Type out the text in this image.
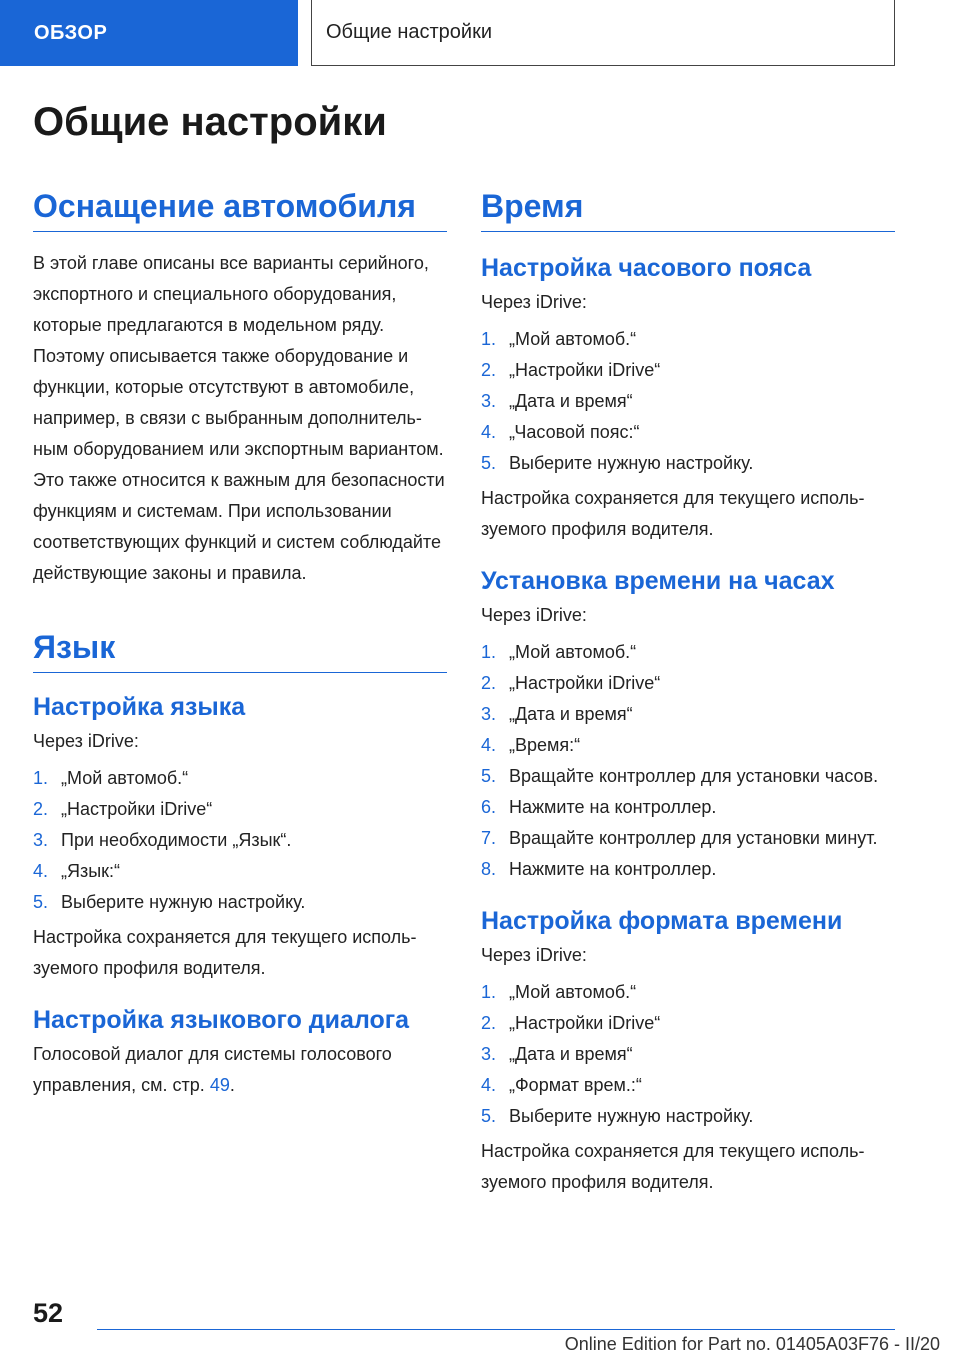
ОБЗОР	Общие настройки
Общие настройки
Оснащение автомобиля

В этой главе описаны все варианты серийного, экспортного и специального оборудования, которые предлагаются в модельном ряду. Поэтому описывается также оборудование и функции, которые отсутствуют в автомобиле, например, в связи с выбранным дополнительным оборудованием или экспортным вариантом. Это также относится к важным для безопасности функциям и системам. При использовании соответствующих функций и систем соблюдайте действующие законы и правила.

Язык
Настройка языка

Через iDrive:

1. „Мой автомоб.“
2. „Настройки iDrive“
3. При необходимости „Язык“.
4. „Язык:“
5. Выберите нужную настройку.

Настройка сохраняется для текущего используемого профиля водителя.

Настройка языкового диалога

Голосовой диалог для системы голосового управления, см. стр. 49.

Время
Настройка часового пояса

Через iDrive:

1. „Мой автомоб.“
2. „Настройки iDrive“
3. „Дата и время“
4. „Часовой пояс:“
5. Выберите нужную настройку.

Настройка сохраняется для текущего используемого профиля водителя.

Установка времени на часах

Через iDrive:

1. „Мой автомоб.“
2. „Настройки iDrive“
3. „Дата и время“
4. „Время:“
5. Вращайте контроллер для установки часов.
6. Нажмите на контроллер.
7. Вращайте контроллер для установки минут.
8. Нажмите на контроллер.
Настройка формата времени

Через iDrive:

1. „Мой автомоб.“
2. „Настройки iDrive“
3. „Дата и время“
4. „Формат врем.:“
5. Выберите нужную настройку.

Настройка сохраняется для текущего используемого профиля водителя.

52
Online Edition for Part no. 01405A03F76 - II/20
